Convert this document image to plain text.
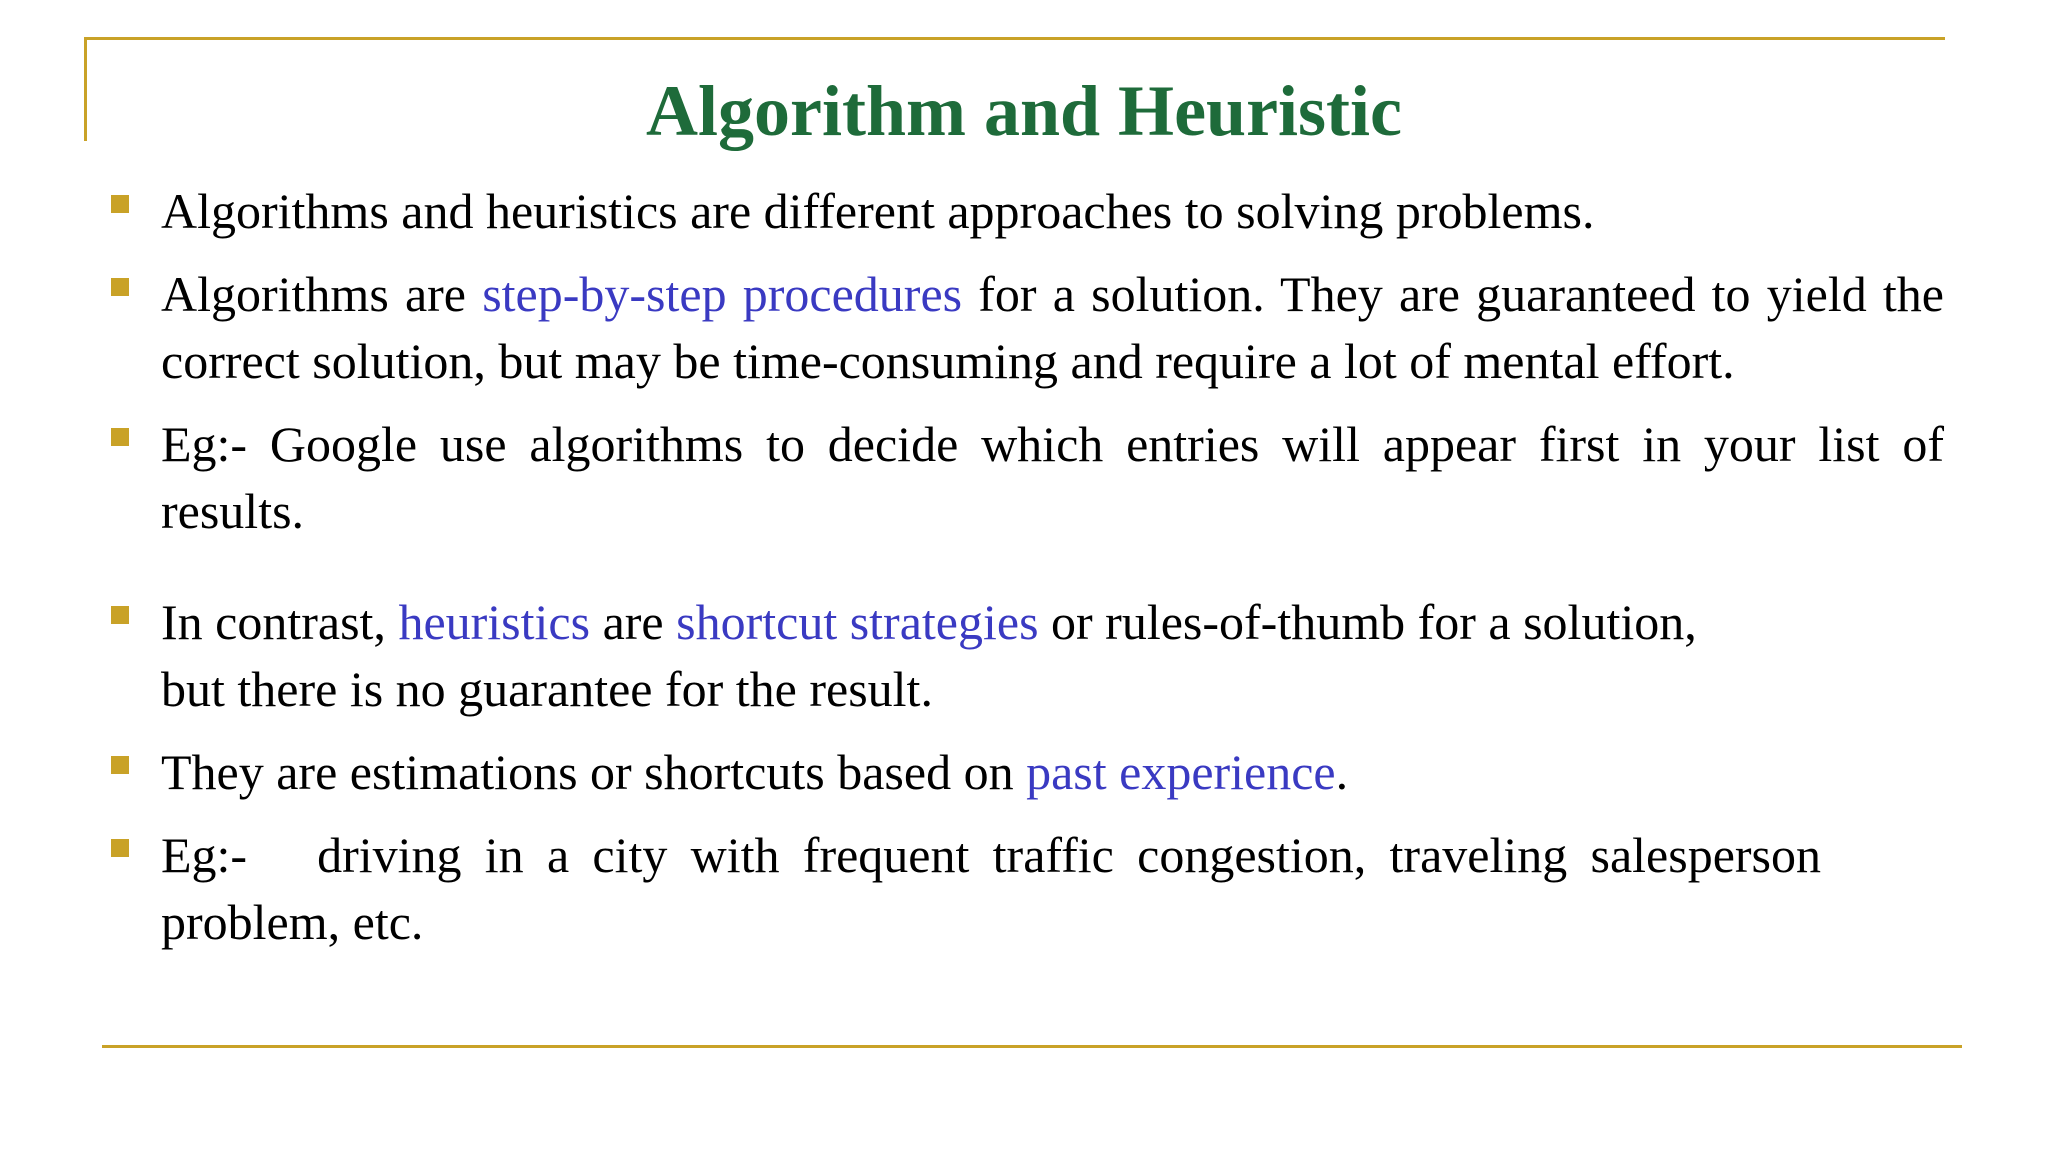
Algorithm and Heuristic
Algorithms and heuristics are different approaches to solving problems.
Algorithms are step-by-step procedures for a solution. They are guaranteed to yield the correct solution, but may be time-consuming and require a lot of mental effort.
Eg:- Google use algorithms to decide which entries will appear first in your list of results.
In contrast, heuristics are shortcut strategies or rules-of-thumb for a solution,
but there is no guarantee for the result.
They are estimations or shortcuts based on past experience.
Eg:- driving in a city with frequent traffic congestion, traveling salesperson problem, etc.
